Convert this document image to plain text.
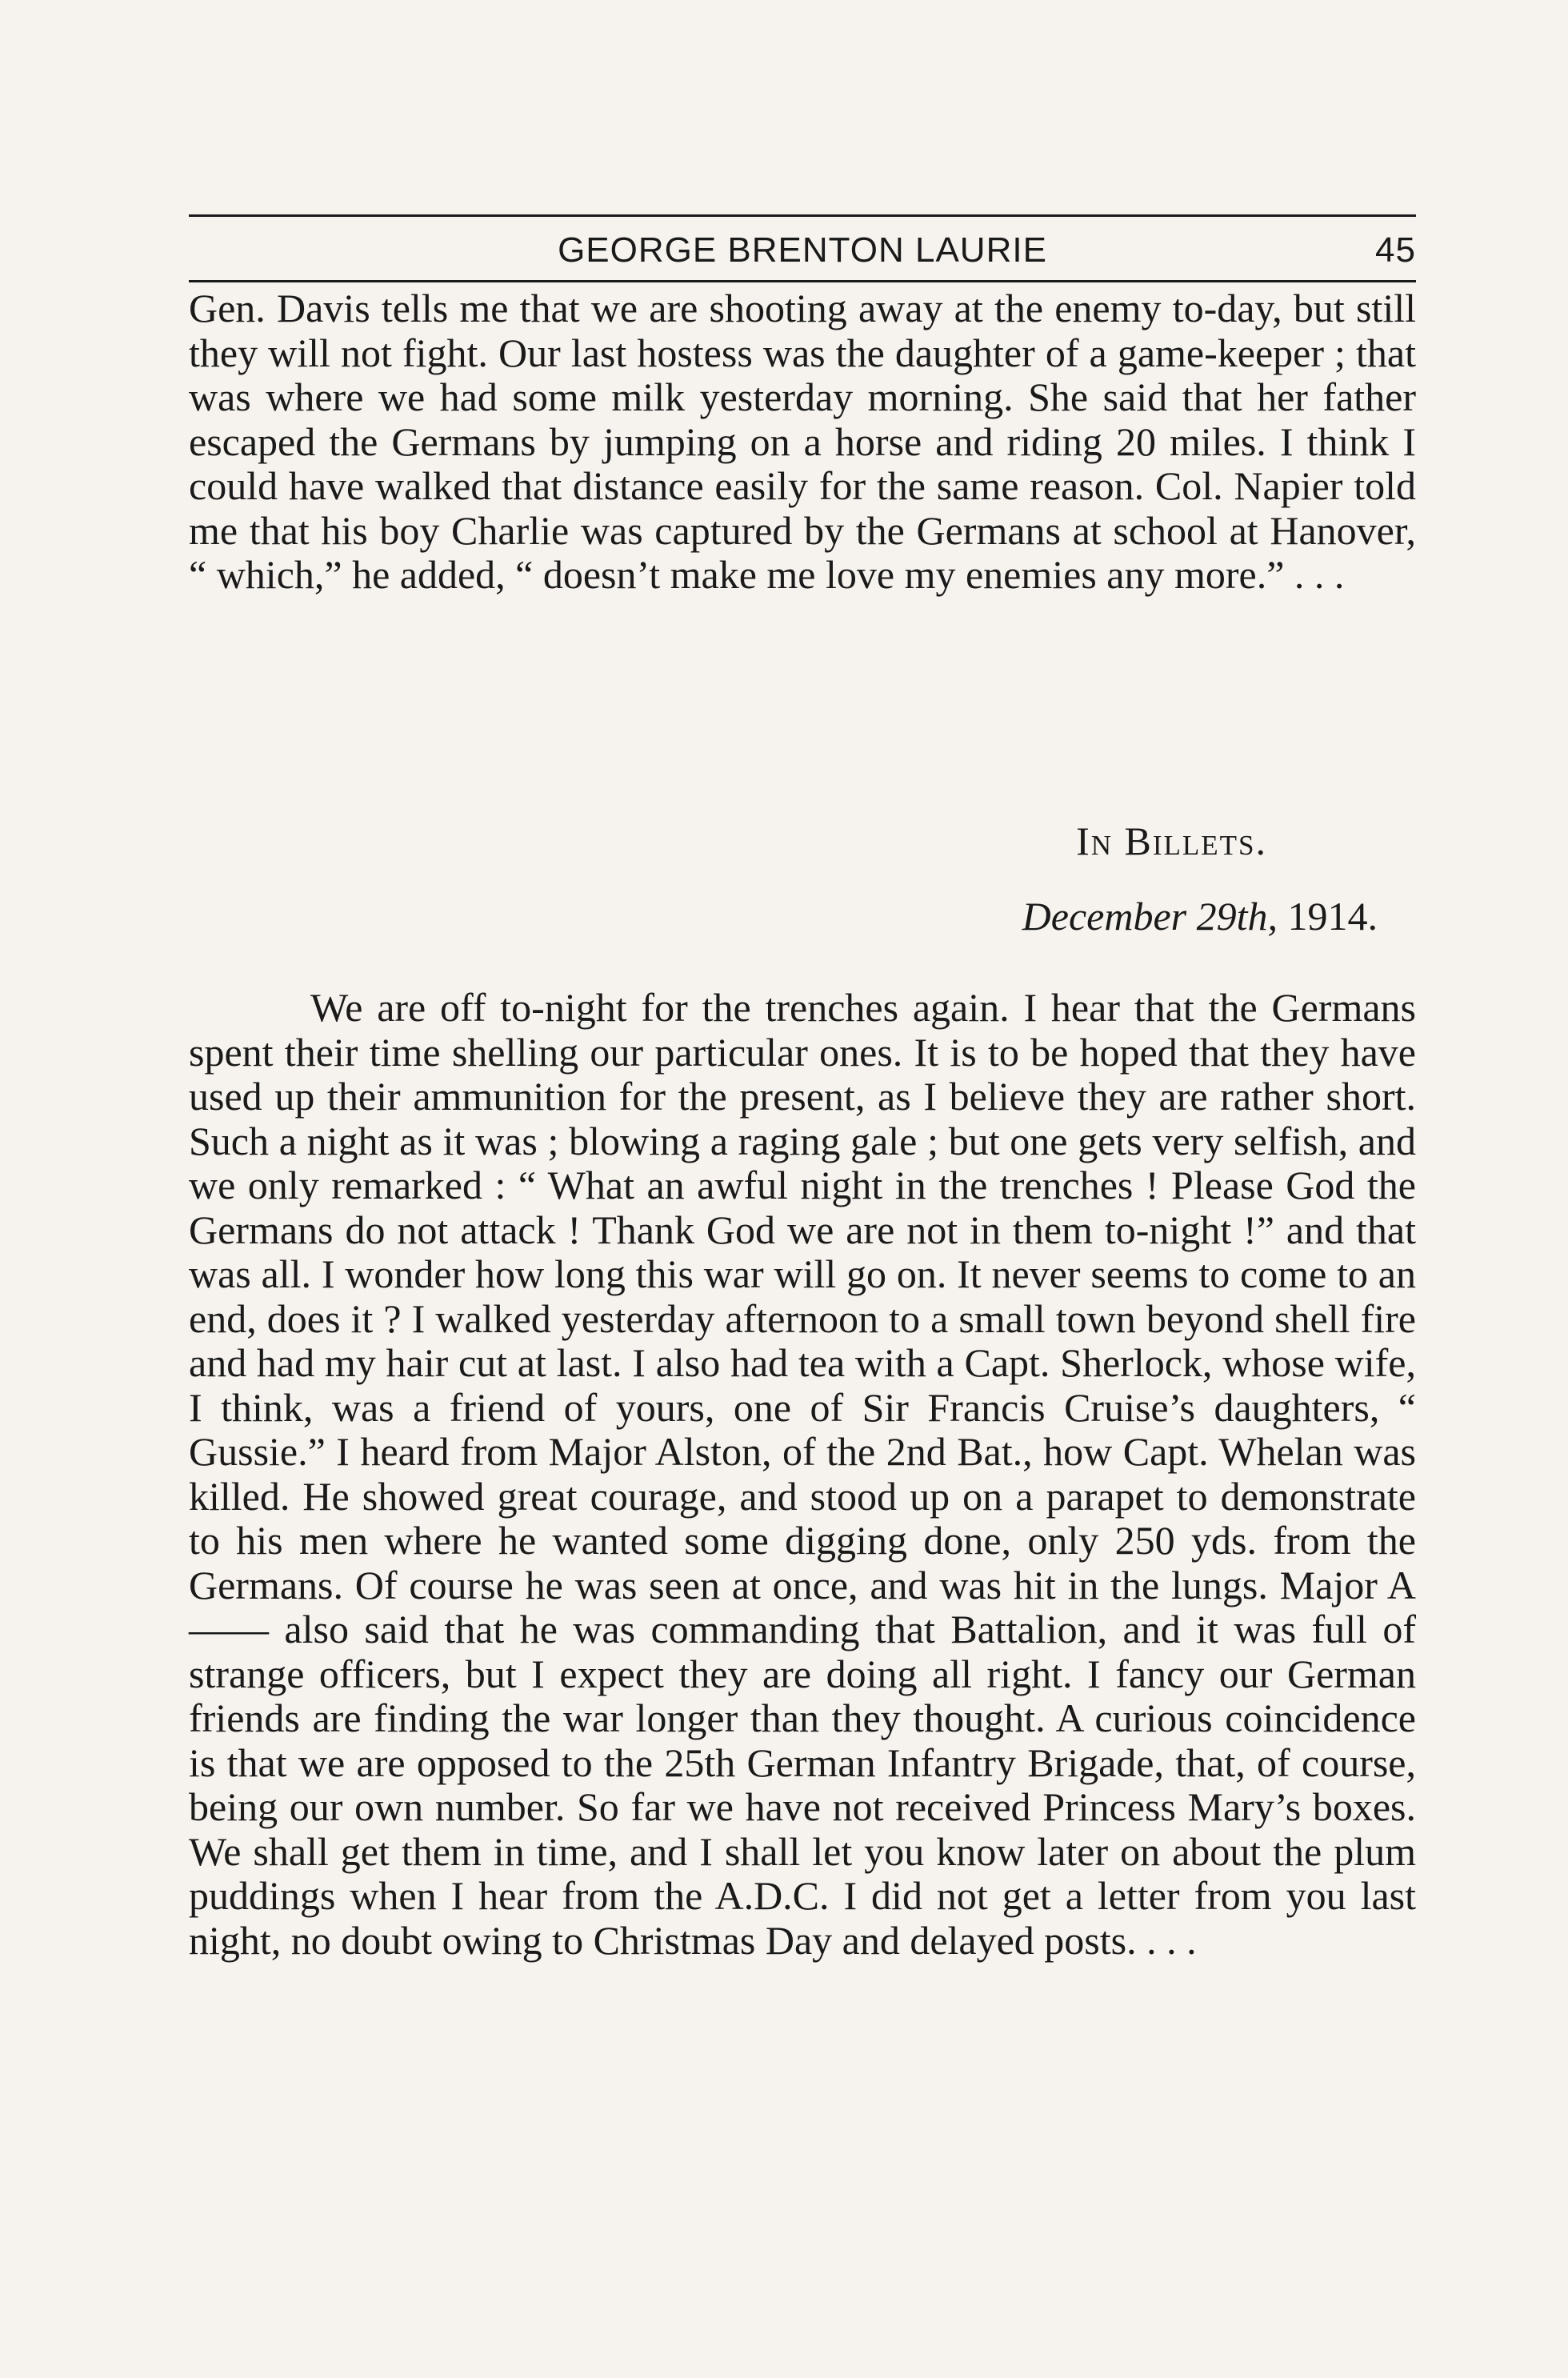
GEORGE BRENTON LAURIE	45

Gen. Davis tells me that we are shooting away at the enemy to-day, but still they will not fight. Our last hostess was the daughter of a game-keeper ; that was where we had some milk yesterday morning. She said that her father escaped the Germans by jumping on a horse and riding 20 miles. I think I could have walked that distance easily for the same reason. Col. Napier told me that his boy Charlie was captured by the Germans at school at Hanover, “ which,” he added, “ doesn’t make me love my enemies any more.” . . .

In Billets.
December 29th, 1914.

We are off to-night for the trenches again. I hear that the Germans spent their time shelling our particular ones. It is to be hoped that they have used up their ammunition for the present, as I believe they are rather short. Such a night as it was ; blowing a raging gale ; but one gets very selfish, and we only remarked : “ What an awful night in the trenches ! Please God the Germans do not attack ! Thank God we are not in them to-night !” and that was all. I wonder how long this war will go on. It never seems to come to an end, does it ? I walked yesterday afternoon to a small town beyond shell fire and had my hair cut at last. I also had tea with a Capt. Sherlock, whose wife, I think, was a friend of yours, one of Sir Francis Cruise’s daughters, “ Gussie.” I heard from Major Alston, of the 2nd Bat., how Capt. Whelan was killed. He showed great courage, and stood up on a parapet to demonstrate to his men where he wanted some digging done, only 250 yds. from the Germans. Of course he was seen at once, and was hit in the lungs. Major A—— also said that he was commanding that Battalion, and it was full of strange officers, but I expect they are doing all right. I fancy our German friends are finding the war longer than they thought. A curious coincidence is that we are opposed to the 25th German Infantry Brigade, that, of course, being our own number. So far we have not received Princess Mary’s boxes. We shall get them in time, and I shall let you know later on about the plum puddings when I hear from the A.D.C. I did not get a letter from you last night, no doubt owing to Christmas Day and delayed posts. . . .
